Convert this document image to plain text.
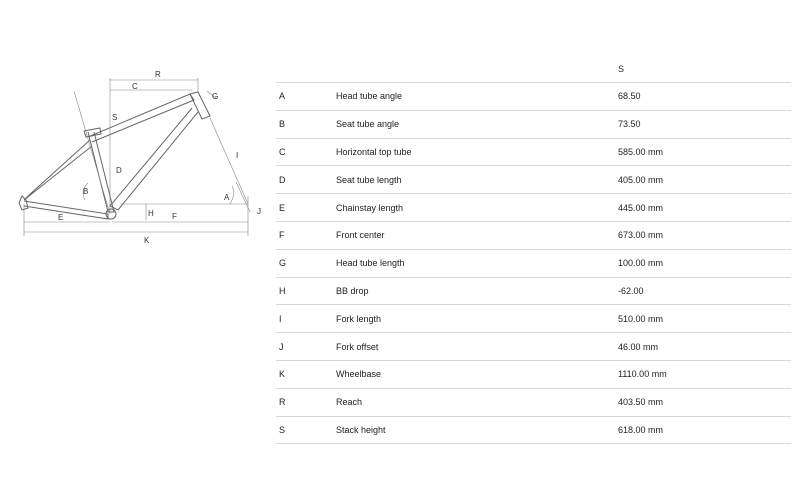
R
C
S
G
I
D
B
A
H F
E
J
K
		S
A	Head tube angle	68.50
B	Seat tube angle	73.50
C	Horizontal top tube	585.00 mm
D	Seat tube length	405.00 mm
E	Chainstay length	445.00 mm
F	Front center	673.00 mm
G	Head tube length	100.00 mm
H	BB drop	-62.00
I	Fork length	510.00 mm
J	Fork offset	46.00 mm
K	Wheelbase	1110.00 mm
R	Reach	403.50 mm
S	Stack height	618.00 mm
